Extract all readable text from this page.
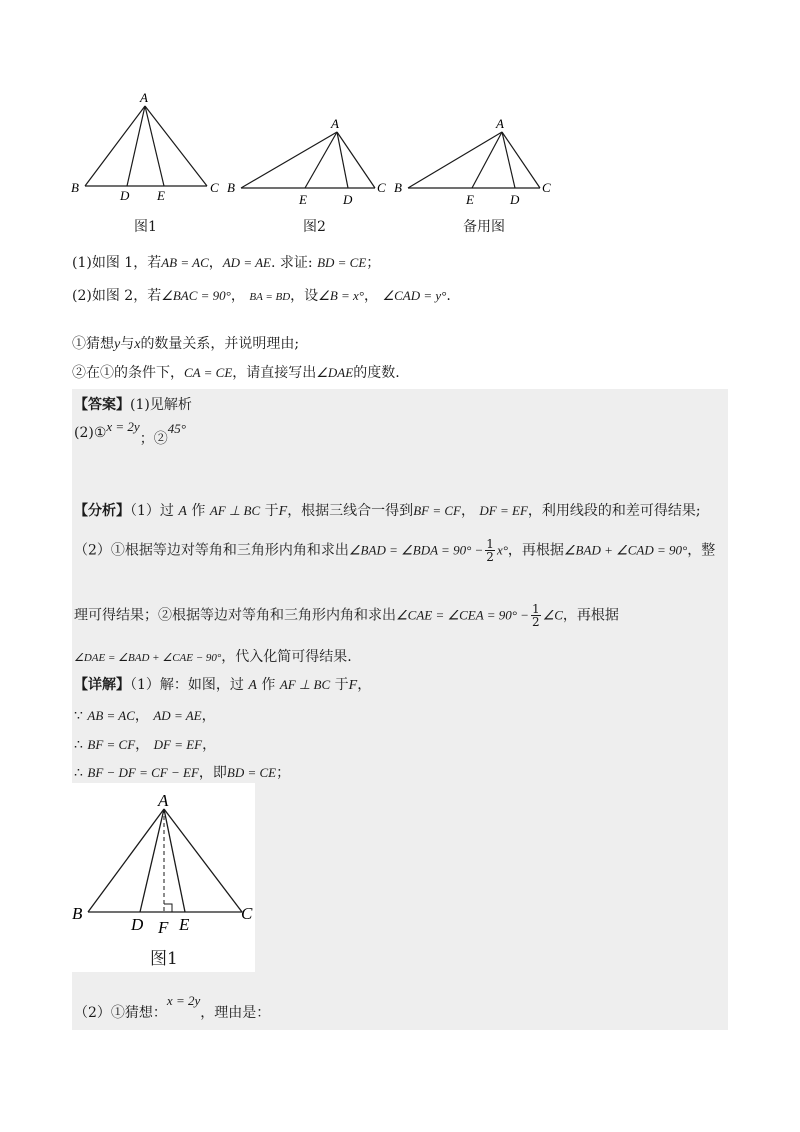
A
B	C
D E
图1
A
B	C
E	D
图2
A
B	C
E	D
备用图
(1)如图 1，若AB = AC，AD = AE. 求证: BD = CE；
(2)如图 2，若∠BAC = 90°， BA = BD，设∠B = x°， ∠CAD = y°.
①猜想y与x的数量关系，并说明理由;
②在①的条件下，CA = CE，请直接写出∠DAE的度数.
【答案】(1)见解析
(2)①x = 2y；②45°
【分析】（1）过 A 作 AF ⊥ BC 于F，根据三线合一得到BF = CF， DF = EF，利用线段的和差可得结果;
（2）①根据等边对等角和三角形内角和求出∠BAD = ∠BDA = $90^\circ - \frac{1}{2} x^\circ$，再根据∠BAD + ∠CAD = 90°，整
理可得结果；②根据等边对等角和三角形内角和求出∠CAE = ∠CEA = $90^\circ - \frac{1}{2}$ ∠C，再根据
∠DAE = ∠BAD + ∠CAE − 90°，代入化简可得结果.
【详解】（1）解：如图，过 A 作 AF ⊥ BC 于F，
∵ AB = AC， AD = AE，
∴ BF = CF， DF = EF，
∴ BF − DF = CF − EF，即BD = CE；
A
B	C
D F E
图1
（2）①猜想：x = 2y，理由是：
